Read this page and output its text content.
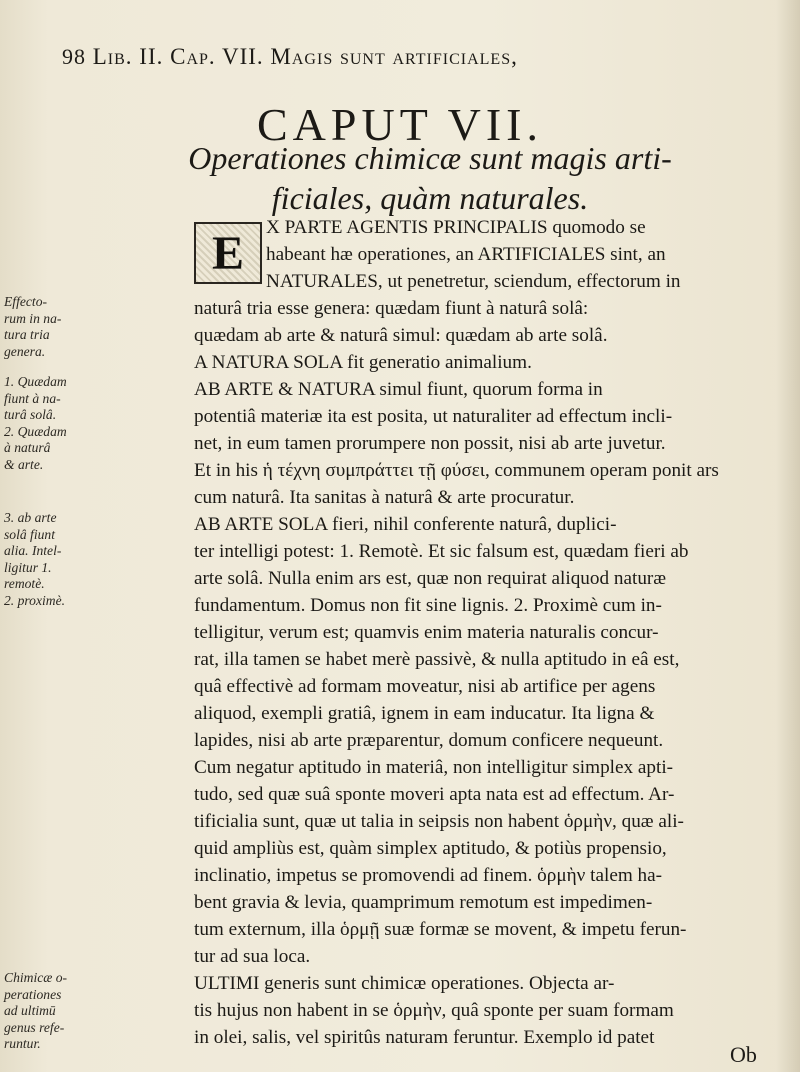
98 Lib. II. Cap. VII. Magis sunt artificiales,
CAPUT VII.
Operationes chimicæ sunt magis arti-
ficiales, quàm naturales.
E	X PARTE AGENTIS PRINCIPALIS quomodo se
habeant hæ operationes, an ARTIFICIALES sint, an
NATURALES, ut penetretur, sciendum, effectorum in
naturâ tria esse genera: quædam fiunt à naturâ solâ:
quædam ab arte & naturâ simul: quædam ab arte solâ.
A NATURA SOLA fit generatio animalium.
AB ARTE & NATURA simul fiunt, quorum forma in
potentiâ materiæ ita est posita, ut naturaliter ad effectum incli-
net, in eum tamen prorumpere non possit, nisi ab arte juvetur.
Et in his ἡ τέχνη συμπράττει τῇ φύσει, communem operam ponit ars
cum naturâ. Ita sanitas à naturâ & arte procuratur.
AB ARTE SOLA fieri, nihil conferente naturâ, duplici-
ter intelligi potest: 1. Remotè. Et sic falsum est, quædam fieri ab
arte solâ. Nulla enim ars est, quæ non requirat aliquod naturæ
fundamentum. Domus non fit sine lignis. 2. Proximè cum in-
telligitur, verum est; quamvis enim materia naturalis concur-
rat, illa tamen se habet merè passivè, & nulla aptitudo in eâ est,
quâ effectivè ad formam moveatur, nisi ab artifice per agens
aliquod, exempli gratiâ, ignem in eam inducatur. Ita ligna &
lapides, nisi ab arte præparentur, domum conficere nequeunt.
Cum negatur aptitudo in materiâ, non intelligitur simplex apti-
tudo, sed quæ suâ sponte moveri apta nata est ad effectum. Ar-
tificialia sunt, quæ ut talia in seipsis non habent ὁρμὴν, quæ ali-
quid ampliùs est, quàm simplex aptitudo, & potiùs propensio,
inclinatio, impetus se promovendi ad finem. ὁρμὴν talem ha-
bent gravia & levia, quamprimum remotum est impedimen-
tum externum, illa ὁρμῇ suæ formæ se movent, & impetu ferun-
tur ad sua loca.
ULTIMI generis sunt chimicæ operationes. Objecta ar-
tis hujus non habent in se ὁρμὴν, quâ sponte per suam formam
in olei, salis, vel spiritûs naturam feruntur. Exemplo id patet
Effecto-
rum in na-
tura tria
genera.
1. Quædam
fiunt à na-
turâ solâ.
2. Quædam
à naturâ
& arte.
3. ab arte
solâ fiunt
alia. Intel-
ligitur 1.
remotè.
2. proximè.
Chimicæ o-
perationes
ad ultimū
genus refe-
runtur.	Ob
